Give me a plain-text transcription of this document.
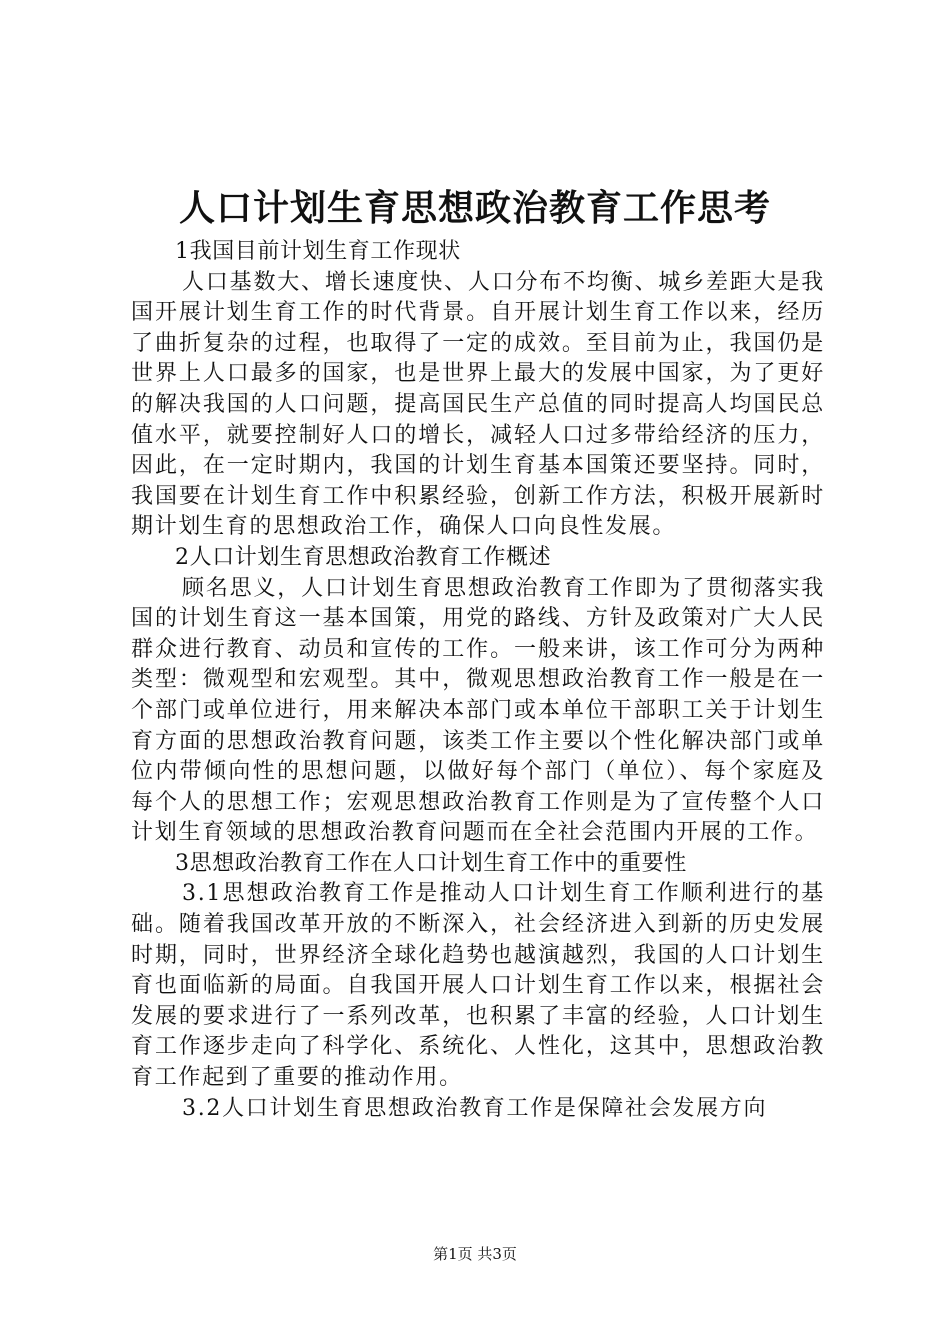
人口计划生育思想政治教育工作思考

1我国目前计划生育工作现状

人口基数大、增长速度快、人口分布不均衡、城乡差距大是我国开展计划生育工作的时代背景。自开展计划生育工作以来，经历了曲折复杂的过程，也取得了一定的成效。至目前为止，我国仍是世界上人口最多的国家，也是世界上最大的发展中国家，为了更好的解决我国的人口问题，提高国民生产总值的同时提高人均国民总值水平，就要控制好人口的增长，减轻人口过多带给经济的压力，因此，在一定时期内，我国的计划生育基本国策还要坚持。同时，我国要在计划生育工作中积累经验，创新工作方法，积极开展新时期计划生育的思想政治工作，确保人口向良性发展。

2人口计划生育思想政治教育工作概述

顾名思义，人口计划生育思想政治教育工作即为了贯彻落实我国的计划生育这一基本国策，用党的路线、方针及政策对广大人民群众进行教育、动员和宣传的工作。一般来讲，该工作可分为两种类型：微观型和宏观型。其中，微观思想政治教育工作一般是在一个部门或单位进行，用来解决本部门或本单位干部职工关于计划生育方面的思想政治教育问题，该类工作主要以个性化解决部门或单位内带倾向性的思想问题，以做好每个部门（单位）、每个家庭及每个人的思想工作；宏观思想政治教育工作则是为了宣传整个人口计划生育领域的思想政治教育问题而在全社会范围内开展的工作。

3思想政治教育工作在人口计划生育工作中的重要性

3.1思想政治教育工作是推动人口计划生育工作顺利进行的基础。随着我国改革开放的不断深入，社会经济进入到新的历史发展时期，同时，世界经济全球化趋势也越演越烈，我国的人口计划生育也面临新的局面。自我国开展人口计划生育工作以来，根据社会发展的要求进行了一系列改革，也积累了丰富的经验，人口计划生育工作逐步走向了科学化、系统化、人性化，这其中，思想政治教育工作起到了重要的推动作用。

3.2人口计划生育思想政治教育工作是保障社会发展方向

第1页 共3页
